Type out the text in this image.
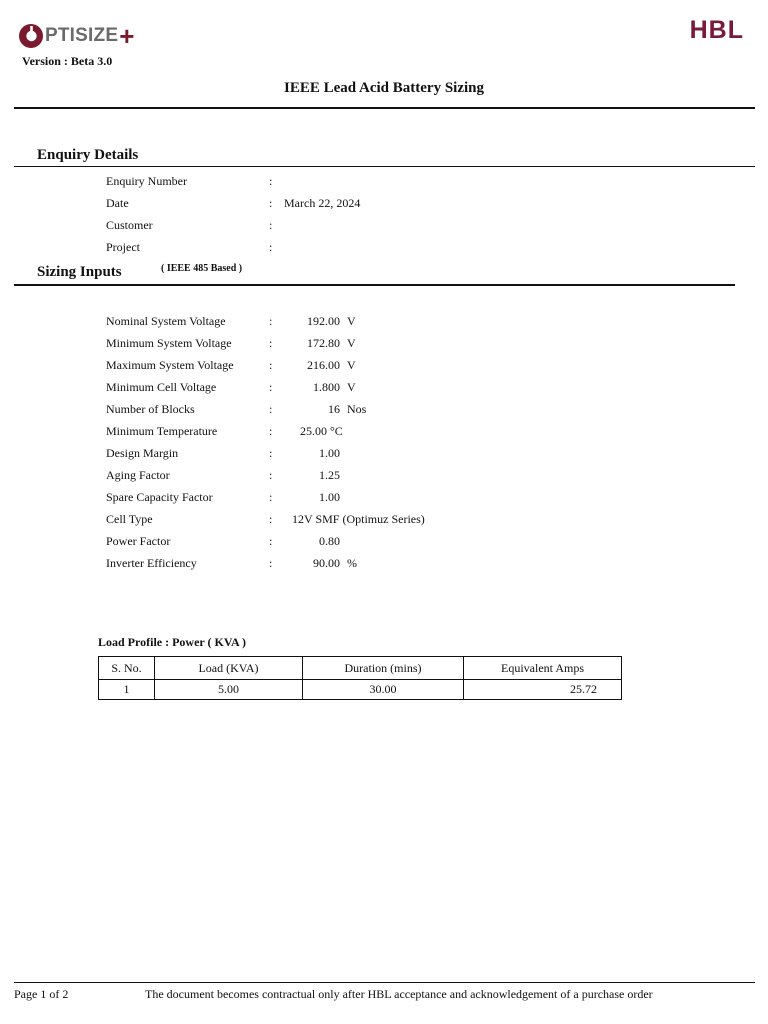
PTISIZE +
Version : Beta 3.0
HBL
IEEE Lead Acid Battery Sizing
Enquiry Details
Enquiry Number	:
Date	: March 22, 2024
Customer	:
Project	:
Sizing Inputs	( IEEE 485 Based )
Nominal System Voltage	:	192.00 V
Minimum System Voltage	:	172.80 V
Maximum System Voltage	:	216.00 V
Minimum Cell Voltage	:	1.800 V
Number of Blocks	:	16 Nos
Minimum Temperature	: 25.00 °C
Design Margin	:	1.00
Aging Factor	:	1.25
Spare Capacity Factor	:	1.00
Cell Type	: 12V SMF (Optimuz Series)
Power Factor	:	0.80
Inverter Efficiency	:	90.00 %
Load Profile : Power ( KVA )
S. No.	Load (KVA)	Duration (mins)	Equivalent Amps
1	5.00	30.00	25.72
Page 1 of 2	The document becomes contractual only after HBL acceptance and acknowledgement of a purchase order
